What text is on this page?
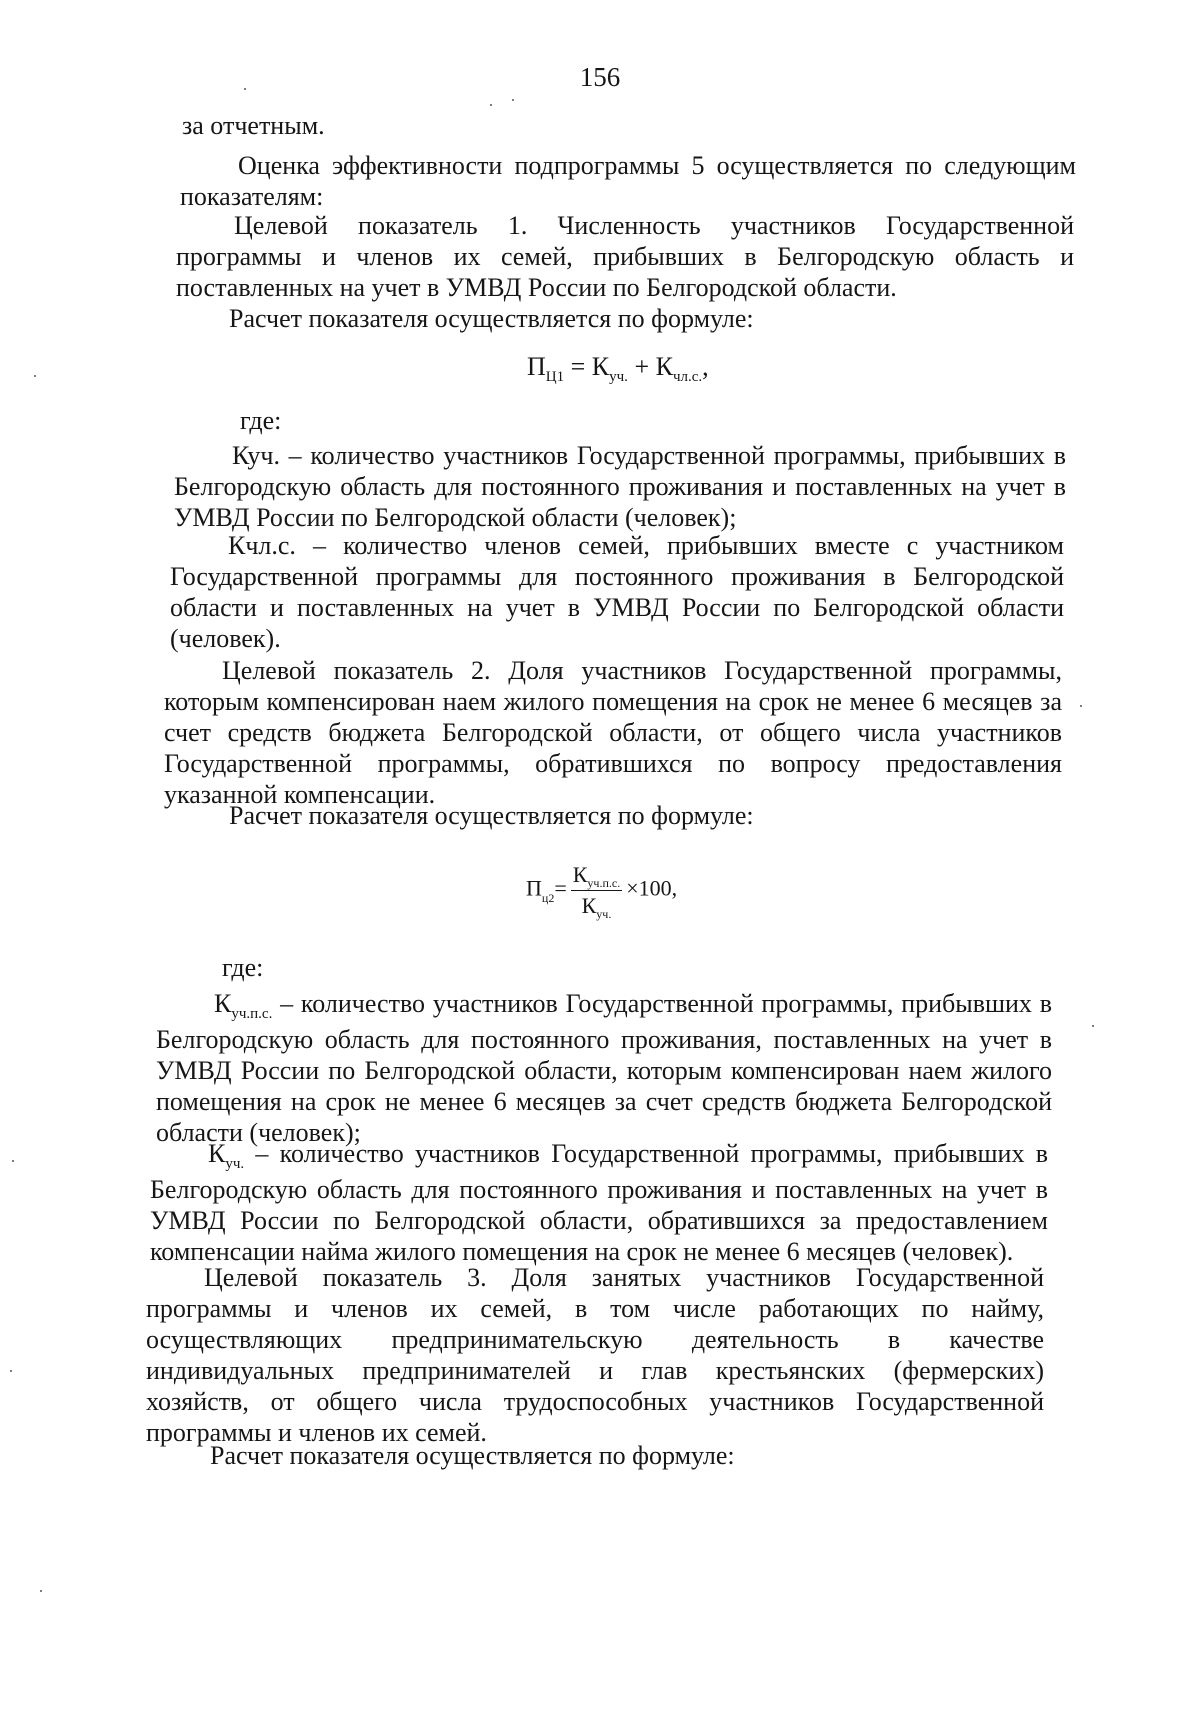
156
за отчетным.
Оценка эффективности подпрограммы 5 осуществляется по следующим показателям:
Целевой показатель 1. Численность участников Государственной программы и членов их семей, прибывших в Белгородскую область и поставленных на учет в УМВД России по Белгородской области.
Расчет показателя осуществляется по формуле:
$П_{Ц1} = К_{уч.} + К_{чл.с.}$,
где:
Куч. – количество участников Государственной программы, прибывших в Белгородскую область для постоянного проживания и поставленных на учет в УМВД России по Белгородской области (человек);
Кчл.с. – количество членов семей, прибывших вместе с участником Государственной программы для постоянного проживания в Белгородской области и поставленных на учет в УМВД России по Белгородской области (человек).
Целевой показатель 2. Доля участников Государственной программы, которым компенсирован наем жилого помещения на срок не менее 6 месяцев за счет средств бюджета Белгородской области, от общего числа участников Государственной программы, обратившихся по вопросу предоставления указанной компенсации.
Расчет показателя осуществляется по формуле:
$П_{ц2}= \frac{К_{уч.п.с.}}{К_{уч.}} \times 100$,
где:
$К_{уч.п.с.}$ – количество участников Государственной программы, прибывших в Белгородскую область для постоянного проживания, поставленных на учет в УМВД России по Белгородской области, которым компенсирован наем жилого помещения на срок не менее 6 месяцев за счет средств бюджета Белгородской области (человек);
$К_{уч.}$ – количество участников Государственной программы, прибывших в Белгородскую область для постоянного проживания и поставленных на учет в УМВД России по Белгородской области, обратившихся за предоставлением компенсации найма жилого помещения на срок не менее 6 месяцев (человек).
Целевой показатель 3. Доля занятых участников Государственной программы и членов их семей, в том числе работающих по найму, осуществляющих предпринимательскую деятельность в качестве индивидуальных предпринимателей и глав крестьянских (фермерских) хозяйств, от общего числа трудоспособных участников Государственной программы и членов их семей.
Расчет показателя осуществляется по формуле:
